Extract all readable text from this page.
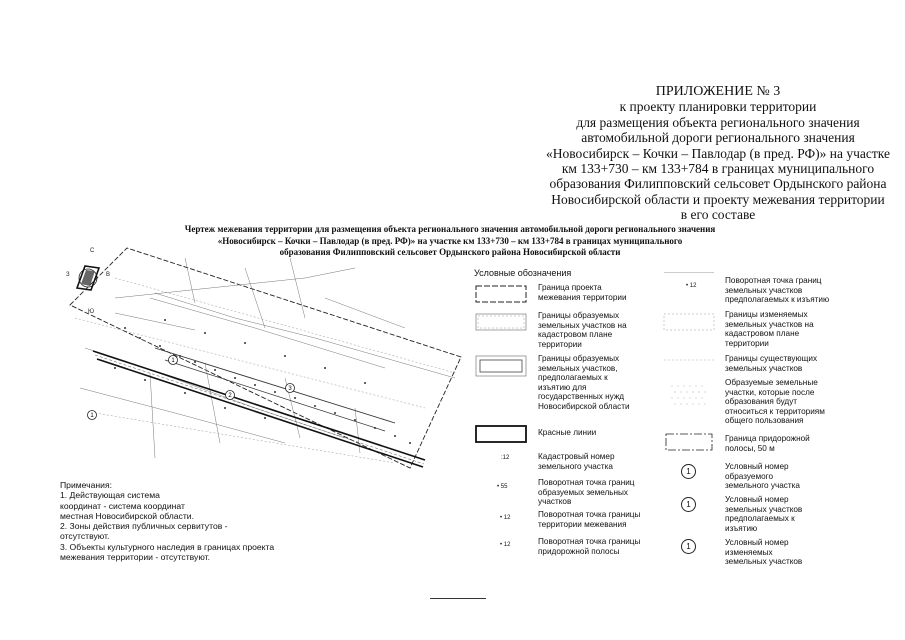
ПРИЛОЖЕНИЕ № 3
к проекту планировки территории
для размещения объекта регионального значения
автомобильной дороги регионального значения
«Новосибирск – Кочки – Павлодар (в пред. РФ)» на участке
км 133+730 – км 133+784 в границах муниципального
образования Филипповский сельсовет Ордынского района
Новосибирской области и проекту межевания территории
в его составе
Чертеж межевания территории для размещения объекта регионального значения автомобильной дороги регионального значения
«Новосибирск – Кочки – Павлодар (в пред. РФ)» на участке км 133+730 – км 133+784 в границах муниципального
образования Филипповский сельсовет Ордынского района Новосибирской области
С
З	В
Ю
1
2
3
1
Условные обозначения
:12
• 55
• 12
• 12
Граница проекта
межевания территории
Границы образуемых
земельных участков на
кадастровом плане
территории
Границы образуемых
земельных участков,
предполагаемых к
изъятию для
государственных нужд
Новосибирской области
Красные линии
Кадастровый номер
земельного участка
Поворотная точка границ
образуемых земельных
участков
Поворотная точка границы
территории межевания
Поворотная точка границы
придорожной полосы
• 12
1
1
1
Поворотная точка границ
земельных участков
предполагаемых к изъятию
Границы изменяемых
земельных участков на
кадастровом плане
территории
Границы существующих
земельных участков
Образуемые земельные
участки, которые после
образования будут
относиться к территориям
общего пользования
Граница придорожной
полосы, 50 м
Условный номер
образуемого
земельного участка
Условный номер
земельных участков
предполагаемых к
изъятию
Условный номер
изменяемых
земельных участков
Примечания:
1. Действующая система
координат - система координат
местная Новосибирской области.
2. Зоны действия публичных сервитутов -
отсутствуют.
3. Объекты культурного наследия в границах проекта
межевания территории - отсутствуют.
